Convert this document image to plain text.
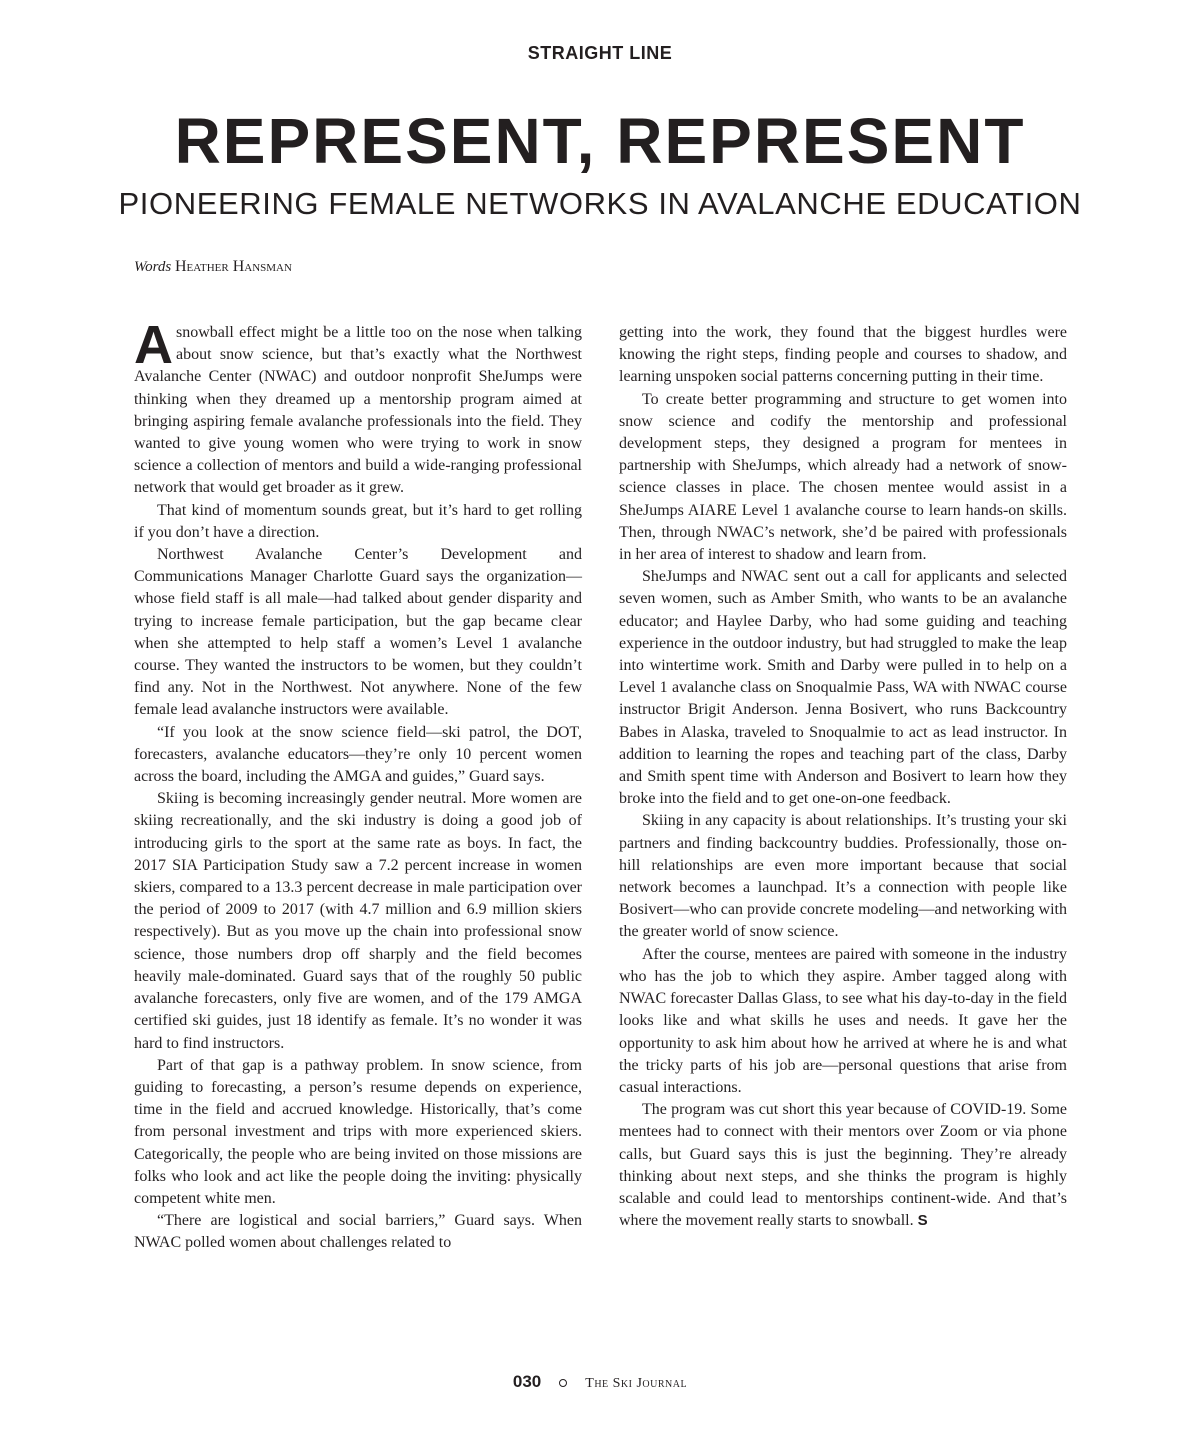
STRAIGHT LINE
REPRESENT, REPRESENT
PIONEERING FEMALE NETWORKS IN AVALANCHE EDUCATION
Words Heather Hansman

Asnowball effect might be a little too on the nose when talking about snow science, but that’s exactly what the Northwest Avalanche Center (NWAC) and outdoor nonprofit SheJumps were thinking when they dreamed up a mentorship program aimed at bringing aspiring female avalanche professionals into the field. They wanted to give young women who were trying to work in snow science a collection of mentors and build a wide-ranging professional network that would get broader as it grew.

That kind of momentum sounds great, but it’s hard to get rolling if you don’t have a direction.

Northwest Avalanche Center’s Development and Communications Manager Charlotte Guard says the organization—whose field staff is all male—had talked about gender disparity and trying to increase female participation, but the gap became clear when she attempted to help staff a women’s Level 1 avalanche course. They wanted the instructors to be women, but they couldn’t find any. Not in the Northwest. Not anywhere. None of the few female lead avalanche instructors were available.

“If you look at the snow science field—ski patrol, the DOT, forecasters, avalanche educators—they’re only 10 percent women across the board, including the AMGA and guides,” Guard says.

Skiing is becoming increasingly gender neutral. More women are skiing recreationally, and the ski industry is doing a good job of introducing girls to the sport at the same rate as boys. In fact, the 2017 SIA Participation Study saw a 7.2 percent increase in women skiers, compared to a 13.3 percent decrease in male participation over the period of 2009 to 2017 (with 4.7 million and 6.9 million skiers respectively). But as you move up the chain into professional snow science, those numbers drop off sharply and the field becomes heavily male-dominated. Guard says that of the roughly 50 public avalanche forecasters, only five are women, and of the 179 AMGA certified ski guides, just 18 identify as female. It’s no wonder it was hard to find instructors.

Part of that gap is a pathway problem. In snow science, from guiding to forecasting, a person’s resume depends on experience, time in the field and accrued knowledge. Historically, that’s come from personal investment and trips with more experienced skiers. Categorically, the people who are being invited on those missions are folks who look and act like the people doing the inviting: physically competent white men.

“There are logistical and social barriers,” Guard says. When NWAC polled women about challenges related to

getting into the work, they found that the biggest hurdles were knowing the right steps, finding people and courses to shadow, and learning unspoken social patterns concerning putting in their time.

To create better programming and structure to get women into snow science and codify the mentorship and professional development steps, they designed a program for mentees in partnership with SheJumps, which already had a network of snow-science classes in place. The chosen mentee would assist in a SheJumps AIARE Level 1 avalanche course to learn hands-on skills. Then, through NWAC’s network, she’d be paired with professionals in her area of interest to shadow and learn from.

SheJumps and NWAC sent out a call for applicants and selected seven women, such as Amber Smith, who wants to be an avalanche educator; and Haylee Darby, who had some guiding and teaching experience in the outdoor industry, but had struggled to make the leap into wintertime work. Smith and Darby were pulled in to help on a Level 1 avalanche class on Snoqualmie Pass, WA with NWAC course instructor Brigit Anderson. Jenna Bosivert, who runs Backcountry Babes in Alaska, traveled to Snoqualmie to act as lead instructor. In addition to learning the ropes and teaching part of the class, Darby and Smith spent time with Anderson and Bosivert to learn how they broke into the field and to get one-on-one feedback.

Skiing in any capacity is about relationships. It’s trusting your ski partners and finding backcountry buddies. Professionally, those on-hill relationships are even more important because that social network becomes a launchpad. It’s a connection with people like Bosivert—who can provide concrete modeling—and networking with the greater world of snow science.

After the course, mentees are paired with someone in the industry who has the job to which they aspire. Amber tagged along with NWAC forecaster Dallas Glass, to see what his day-to-day in the field looks like and what skills he uses and needs. It gave her the opportunity to ask him about how he arrived at where he is and what the tricky parts of his job are—personal questions that arise from casual interactions.

The program was cut short this year because of COVID-19. Some mentees had to connect with their mentors over Zoom or via phone calls, but Guard says this is just the beginning. They’re already thinking about next steps, and she thinks the program is highly scalable and could lead to mentorships continent-wide. And that’s where the movement really starts to snowball. S

030	The Ski Journal
